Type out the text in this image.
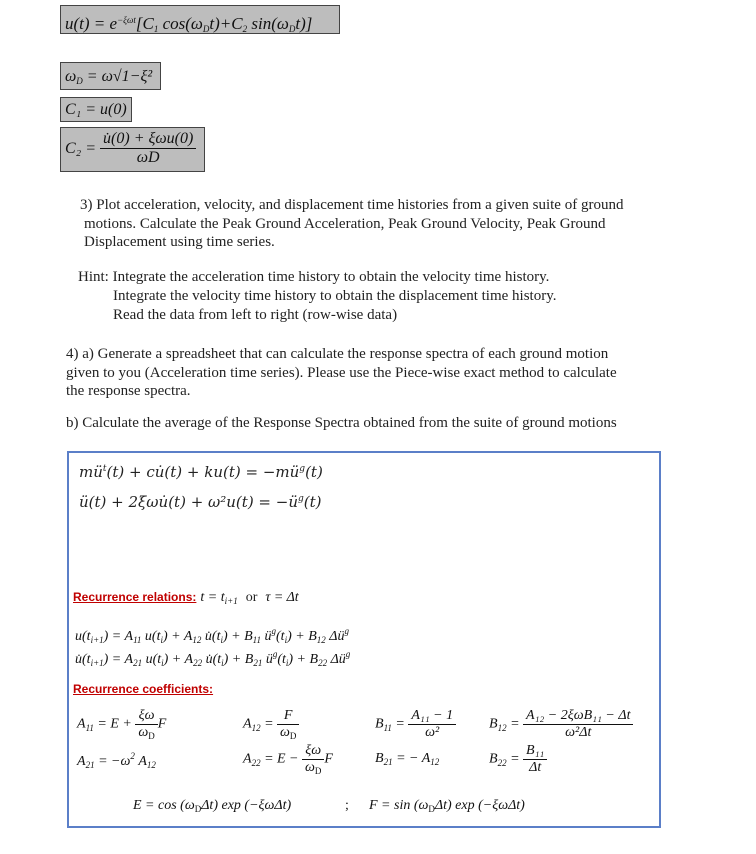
$u(t) = e^{-\xi\omega t}[C_1$ $\cos(\omega_Dt)+C_2$ $\sin(\omega_Dt)$]
$\omega_D = \omega√1-\xi^2$
C₁ = u(0)
$C_2 = \frac{\text{u̇(0) + ξωu(0)}}{\omega D}$
3) Plot acceleration, velocity, and displacement time histories from a given suite of ground
motions. Calculate the Peak Ground Acceleration, Peak Ground Velocity, Peak Ground
Displacement using time series.
Hint: Integrate the acceleration time history to obtain the velocity time history.
Integrate the velocity time history to obtain the displacement time history.
Read the data from left to right (row-wise data)
4) a) Generate a spreadsheet that can calculate the response spectra of each ground motion
given to you (Acceleration time series). Please use the Piece-wise exact method to calculate
the response spectra.
b) Calculate the average of the Response Spectra obtained from the suite of ground motions
$mü^t(t)$ + cu̇(t) + $ku(t) = -mü^g(t)$
ü(t) + 2ξωu̇(t) + $\omega^2u(t) = -ü^g(t)$
Recurrence relations: $t = t_{i+1}$ or τ = Δt
$u(t_{i+1}) = A_{11}$ $u(t_i) + A_{12}$ $u̇(t_i) + B_{11}$ $ü^g(t_i) + B_{12}$ $\Delta ü^g$
$u̇(t_{i+1}) = A_{21}$ $u(t_i) + A_{22}$ $u̇(t_i) + B_{21}$ $ü^g(t_i) + B_{22}$ $\Delta ü^g$
Recurrence coefficients:
$A_{11} = E + \frac{\xi\omega}{\omega_D}$ F	$A_{12} = \frac{F}{\omega_D}$	$B_{11} = \frac{\text{A₁₁ − 1}}{\text{ω²}} B_{12} = \frac{\text{A₁₂ − 2ξωB₁₁ − Δt}}{\text{ω²Δt}}$
$A_{21} = -\omega^2$ $A_{12}$	$A_{22} = E - \frac{\xi\omega}{\omega_D}$ F	$B_{21}$ = − $A_{12}$	$B_{22} = \frac{\text{B₁₁}}{\Delta t}$
$E = \cos (\omega_D\Delta t)$ exp (−ξωΔt)	; $F = \sin (\omega_D\Delta t)$ exp (−ξωΔt)
